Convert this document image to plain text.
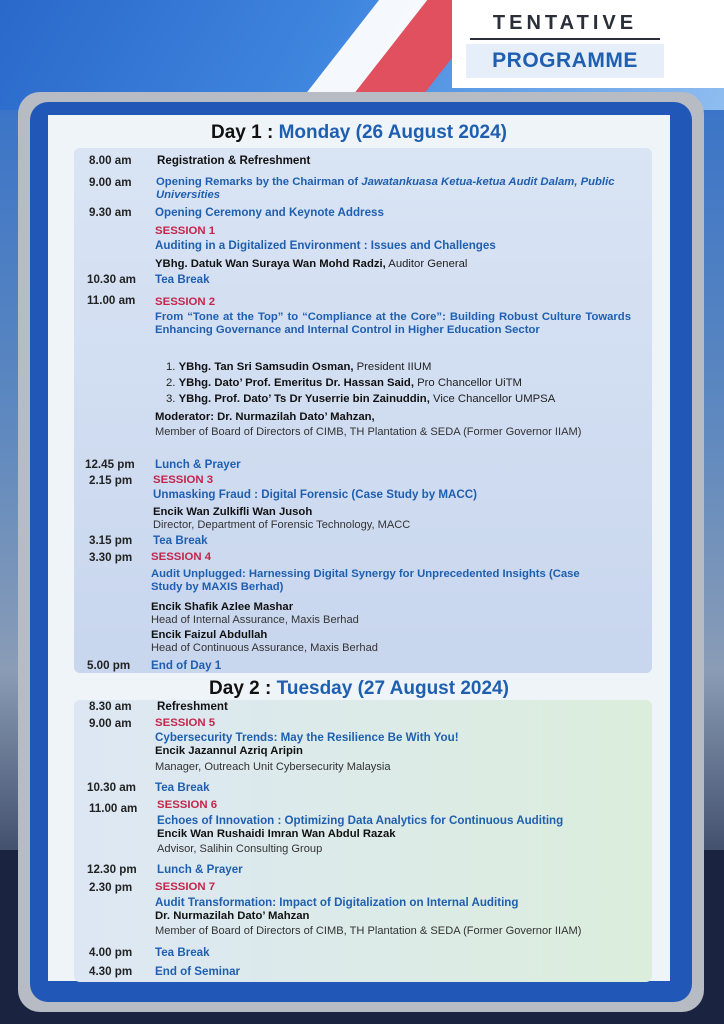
TENTATIVE
PROGRAMME
Day 1 : Monday (26 August 2024)
8.00 am Registration & Refreshment
9.00 am Opening Remarks by the Chairman of Jawatankuasa Ketua-ketua Audit Dalam, Public Universities
9.30 am Opening Ceremony and Keynote Address
SESSION 1
Auditing in a Digitalized Environment : Issues and Challenges
YBhg. Datuk Wan Suraya Wan Mohd Radzi, Auditor General
10.30 am Tea Break
11.00 am SESSION 2
From “Tone at the Top” to “Compliance at the Core”: Building Robust Culture Towards Enhancing Governance and Internal Control in Higher Education Sector
1. YBhg. Tan Sri Samsudin Osman, President IIUM
2. YBhg. Dato’ Prof. Emeritus Dr. Hassan Said, Pro Chancellor UiTM
3. YBhg. Prof. Dato’ Ts Dr Yuserrie bin Zainuddin, Vice Chancellor UMPSA
Moderator: Dr. Nurmazilah Dato’ Mahzan,
Member of Board of Directors of CIMB, TH Plantation & SEDA (Former Governor IIAM)
12.45 pm Lunch & Prayer
2.15 pm SESSION 3
Unmasking Fraud : Digital Forensic (Case Study by MACC)
Encik Wan Zulkifli Wan Jusoh
Director, Department of Forensic Technology, MACC
3.15 pm Tea Break
3.30 pm SESSION 4
Audit Unplugged: Harnessing Digital Synergy for Unprecedented Insights (Case Study by MAXIS Berhad)
Encik Shafik Azlee Mashar
Head of Internal Assurance, Maxis Berhad
Encik Faizul Abdullah
Head of Continuous Assurance, Maxis Berhad
5.00 pm End of Day 1
Day 2 : Tuesday (27 August 2024)
8.30 am Refreshment
9.00 am SESSION 5
Cybersecurity Trends: May the Resilience Be With You!
Encik Jazannul Azriq Aripin
Manager, Outreach Unit Cybersecurity Malaysia
10.30 am Tea Break
11.00 am SESSION 6
Echoes of Innovation : Optimizing Data Analytics for Continuous Auditing
Encik Wan Rushaidi Imran Wan Abdul Razak
Advisor, Salihin Consulting Group
12.30 pm Lunch & Prayer
2.30 pm SESSION 7
Audit Transformation: Impact of Digitalization on Internal Auditing
Dr. Nurmazilah Dato’ Mahzan
Member of Board of Directors of CIMB, TH Plantation & SEDA (Former Governor IIAM)
4.00 pm Tea Break
4.30 pm End of Seminar
